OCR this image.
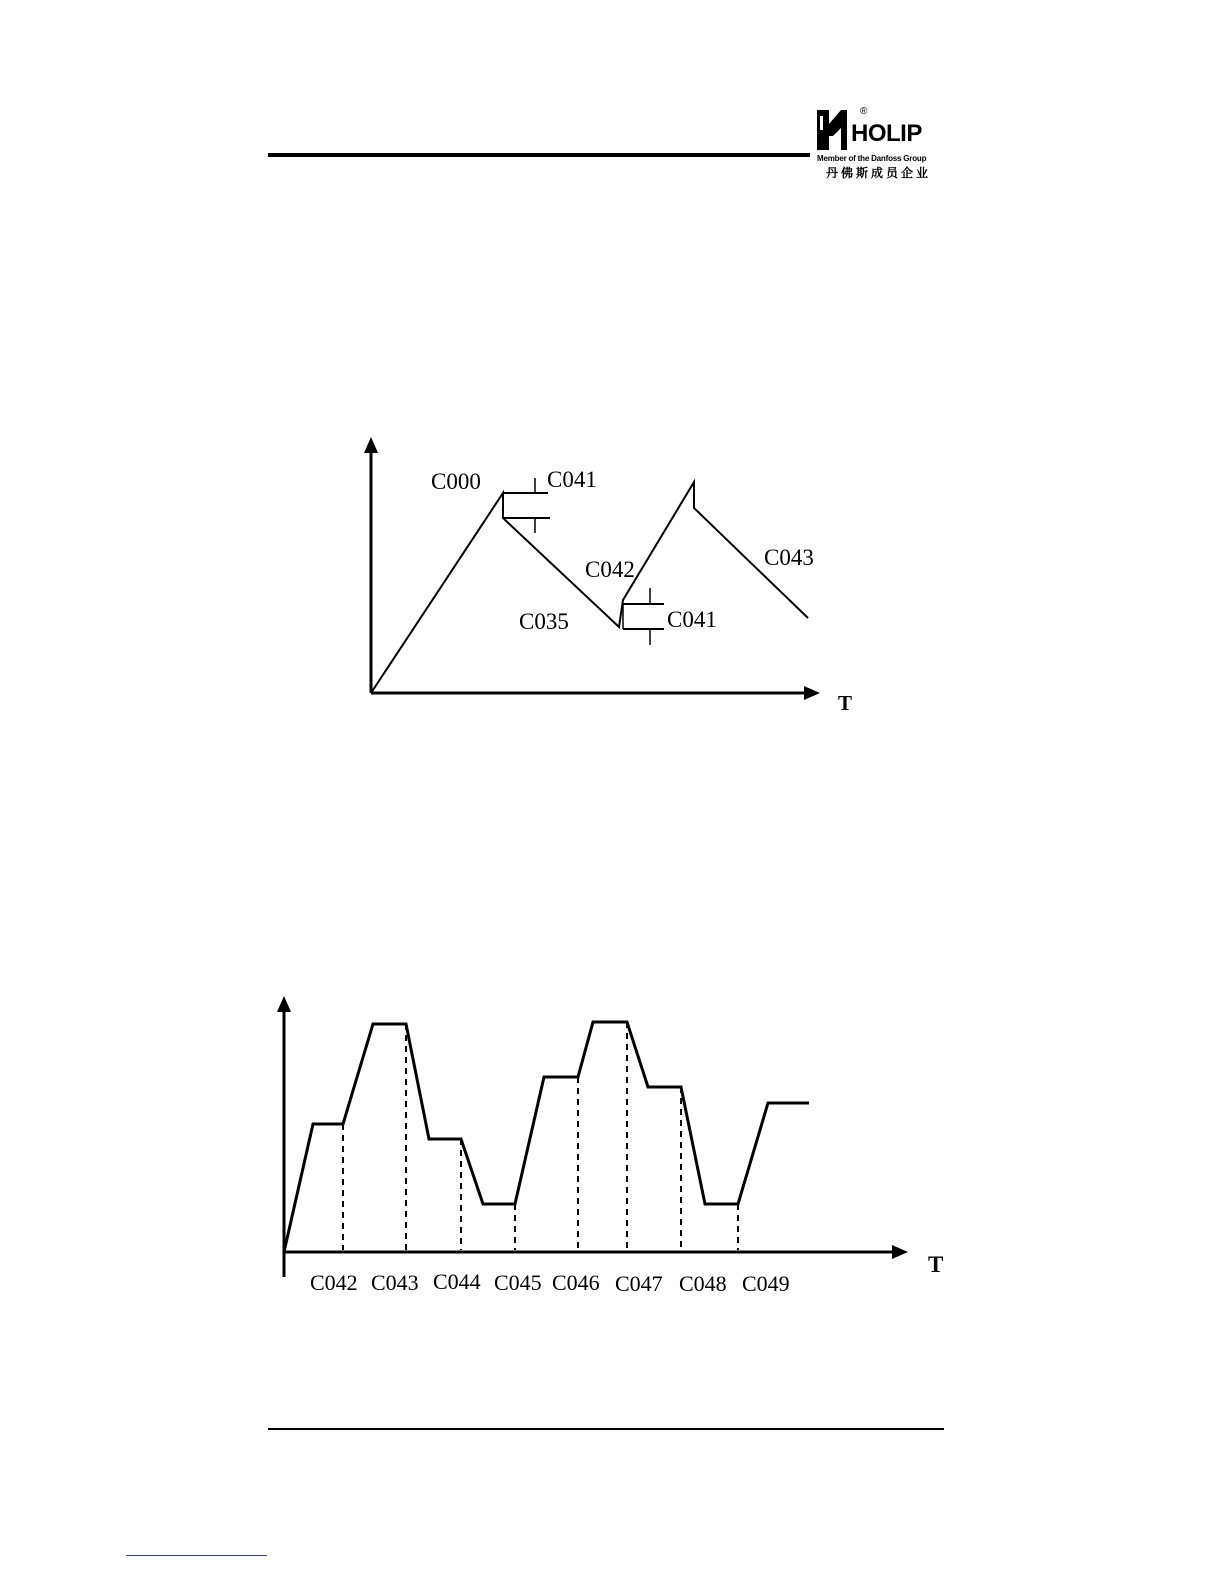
®
HOLIP
Member of the Danfoss Group
丹佛斯成员企业
C000	C041
C042	C043
C035	C041
T
C042 C043 C044 C045 C046 C047 C048 C049
T
